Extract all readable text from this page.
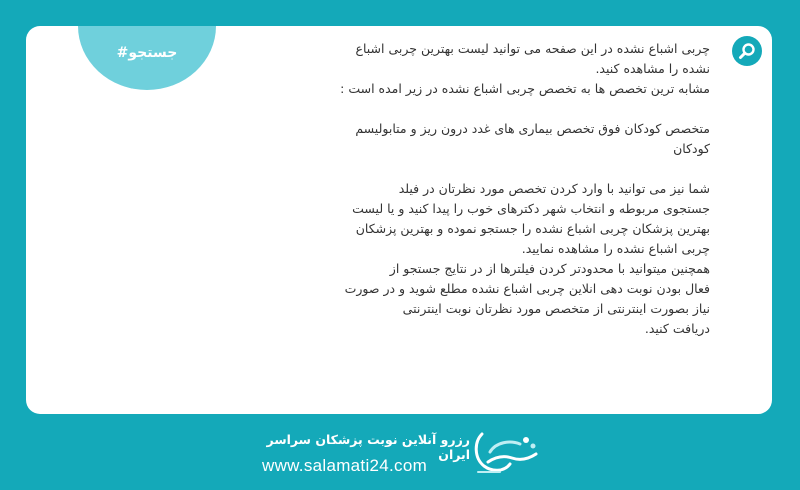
#جستجو	چربی اشباع نشده در این صفحه می توانید لیست بهترین چربی اشباع

نشده را مشاهده کنید.

مشابه ترین تخصص ها به تخصص چربی اشباع نشده در زیر امده است :

متخصص کودکان فوق تخصص بیماری های غدد درون ریز و متابولیسم

کودکان

شما نیز می توانید با وارد کردن تخصص مورد نظرتان در فیلد

جستجوی مربوطه و انتخاب شهر دکترهای خوب را پیدا کنید و یا لیست

بهترین پزشکان چربی اشباع نشده را جستجو نموده و بهترین پزشکان

چربی اشباع نشده را مشاهده نمایید.

همچنین میتوانید با محدودتر کردن فیلترها از در نتایج جستجو از

فعال بودن نوبت دهی انلاین چربی اشباع نشده مطلع شوید و در صورت

نیاز بصورت اینترنتی از متخصص مورد نظرتان نوبت اینترنتی

دریافت کنید.

رزرو آنلاین نوبت پزشکان سراسر ایران
www.salamati24.com
